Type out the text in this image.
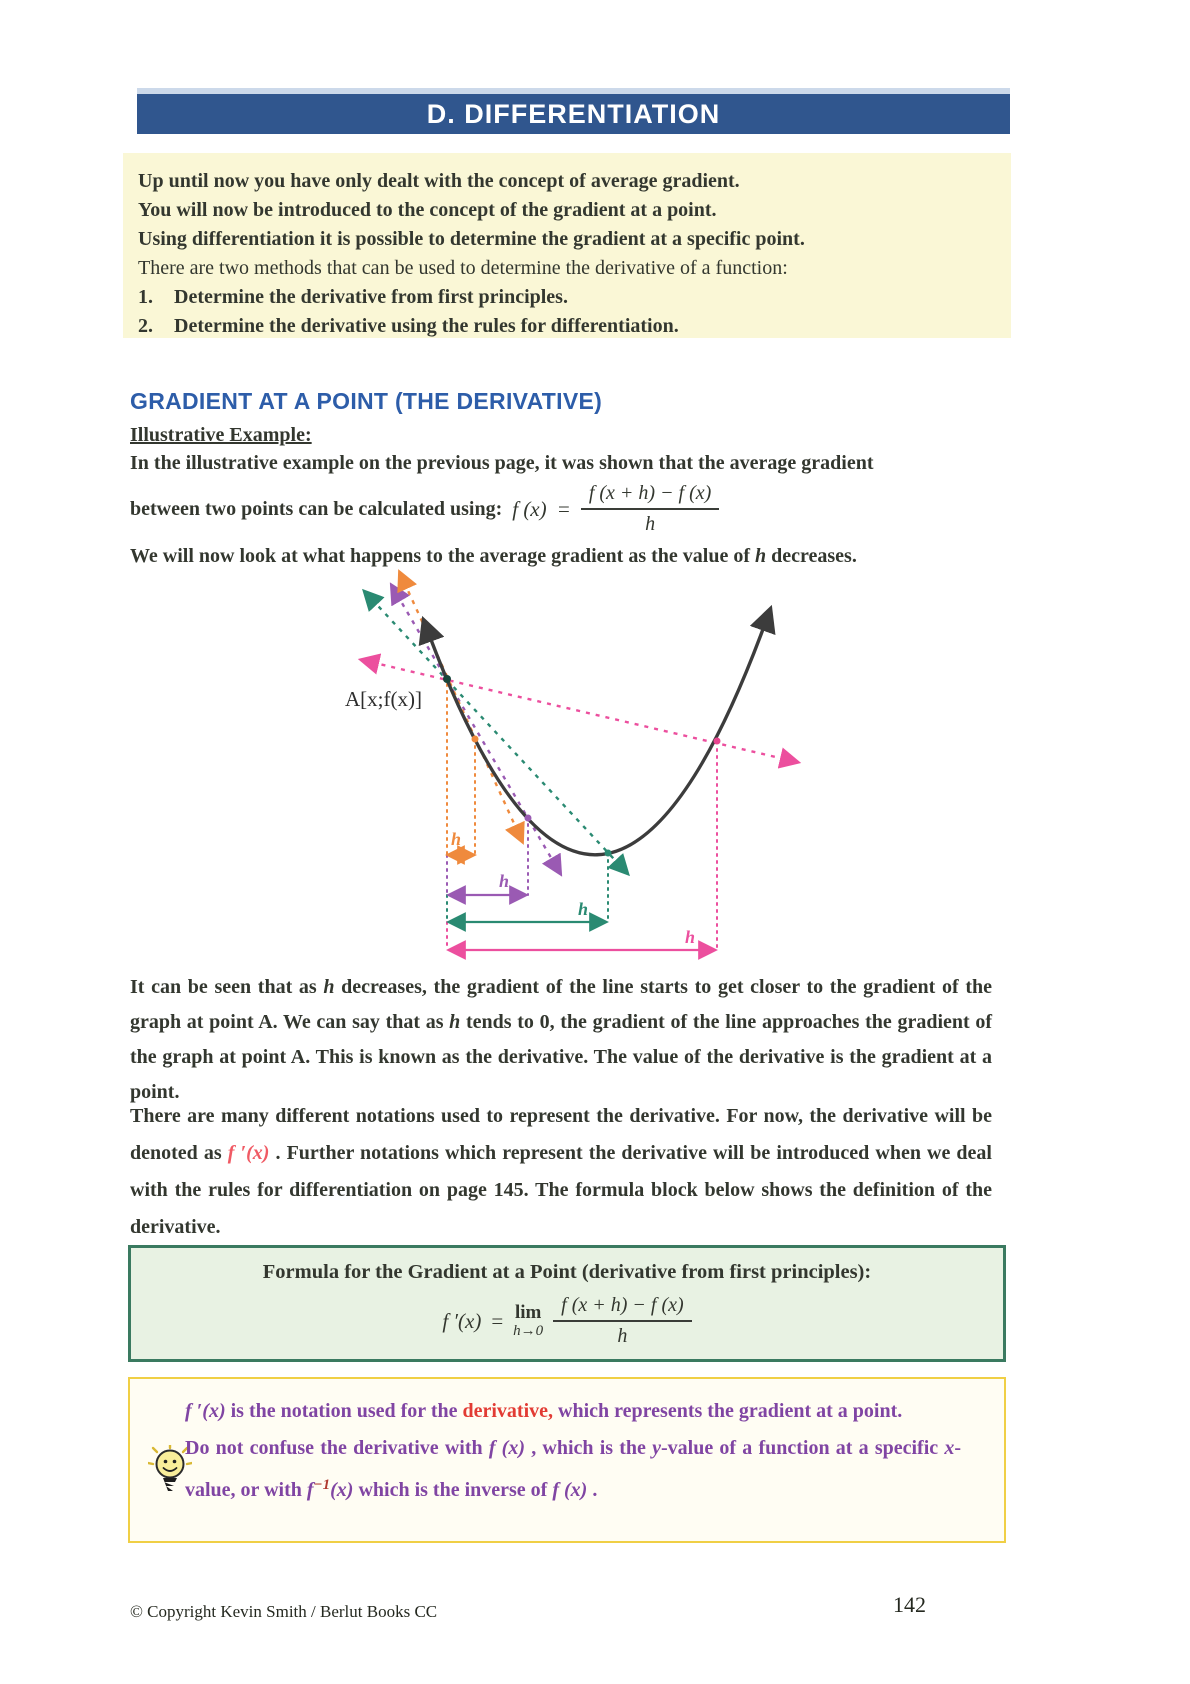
D. DIFFERENTIATION
Up until now you have only dealt with the concept of average gradient.
You will now be introduced to the concept of the gradient at a point.
Using differentiation it is possible to determine the gradient at a specific point.
There are two methods that can be used to determine the derivative of a function:
1.	Determine the derivative from first principles.
2.	Determine the derivative using the rules for differentiation.
GRADIENT AT A POINT (THE DERIVATIVE)
Illustrative Example:
In the illustrative example on the previous page, it was shown that the average gradient
between two points can be calculated using: f $(x) = \frac{f (x + h) - f (x)}{h}$
We will now look at what happens to the average gradient as the value of h decreases.
A[x;f(x)]
h
h
h
h
It can be seen that as h decreases, the gradient of the line starts to get closer to the gradient of the graph at point A. We can say that as h tends to 0, the gradient of the line approaches the gradient of the graph at point A. This is known as the derivative. The value of the derivative is the gradient at a point.
There are many different notations used to represent the derivative. For now, the derivative will be denoted as f ′(x) . Further notations which represent the derivative will be introduced when we deal with the rules for differentiation on page 145. The formula block below shows the definition of the derivative.
Formula for the Gradient at a Point (derivative from first principles):
f ′(x) = lim
$h\to 0 \frac{f (x + h) - f (x)}{h}$

f ′(x) is the notation used for the derivative, which represents the gradient at a point.

Do not confuse the derivative with f (x) , which is the y-value of a function at a specific x-value, or with $f^{-1}(x)$ which is the inverse of f (x) .

© Copyright Kevin Smith / Berlut Books CC	142
